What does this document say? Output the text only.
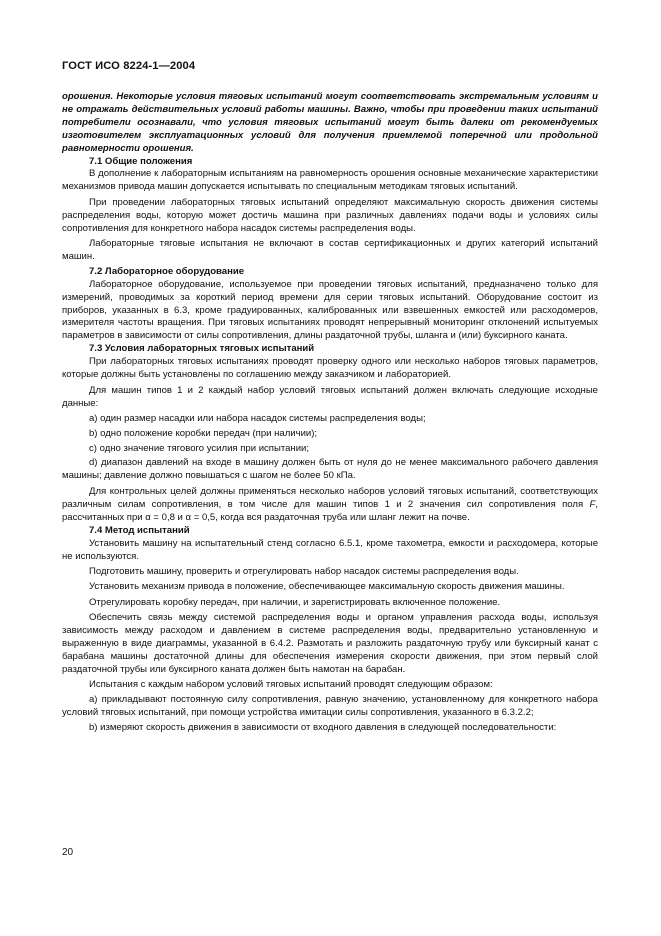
ГОСТ ИСО 8224-1—2004

орошения. Некоторые условия тяговых испытаний могут соответствовать экстремальным условиям и не отражать действительных условий работы машины. Важно, чтобы при проведении таких испытаний потребители осознавали, что условия тяговых испытаний могут быть далеки от рекомендуемых изготовителем эксплуатационных условий для получения приемлемой поперечной или продольной равномерности орошения.

7.1 Общие положения

В дополнение к лабораторным испытаниям на равномерность орошения основные механические характеристики механизмов привода машин допускается испытывать по специальным методикам тяговых испытаний.

При проведении лабораторных тяговых испытаний определяют максимальную скорость движения системы распределения воды, которую может достичь машина при различных давлениях подачи воды и условиях силы сопротивления для конкретного набора насадок системы распределения воды.

Лабораторные тяговые испытания не включают в состав сертификационных и других категорий испытаний машин.

7.2 Лабораторное оборудование

Лабораторное оборудование, используемое при проведении тяговых испытаний, предназначено только для измерений, проводимых за короткий период времени для серии тяговых испытаний. Оборудование состоит из приборов, указанных в 6.3, кроме градуированных, калиброванных или взвешенных емкостей или расходомеров, измерителя частоты вращения. При тяговых испытаниях проводят непрерывный мониторинг отклонений испытуемых параметров в зависимости от силы сопротивления, длины раздаточной трубы, шланга и (или) буксирного каната.

7.3 Условия лабораторных тяговых испытаний

При лабораторных тяговых испытаниях проводят проверку одного или несколько наборов тяговых параметров, которые должны быть установлены по соглашению между заказчиком и лабораторией.

Для машин типов 1 и 2 каждый набор условий тяговых испытаний должен включать следующие исходные данные:

a) один размер насадки или набора насадок системы распределения воды;

b) одно положение коробки передач (при наличии);

c) одно значение тягового усилия при испытании;

d) диапазон давлений на входе в машину должен быть от нуля до не менее максимального рабочего давления машины; давление должно повышаться с шагом не более 50 кПа.

Для контрольных целей должны применяться несколько наборов условий тяговых испытаний, соответствующих различным силам сопротивления, в том числе для машин типов 1 и 2 значения сил сопротивления поля F, рассчитанных при α = 0,8 и α = 0,5, когда вся раздаточная труба или шланг лежит на почве.

7.4 Метод испытаний

Установить машину на испытательный стенд согласно 6.5.1, кроме тахометра, емкости и расходомера, которые не используются.

Подготовить машину, проверить и отрегулировать набор насадок системы распределения воды.

Установить механизм привода в положение, обеспечивающее максимальную скорость движения машины.

Отрегулировать коробку передач, при наличии, и зарегистрировать включенное положение.

Обеспечить связь между системой распределения воды и органом управления расхода воды, используя зависимость между расходом и давлением в системе распределения воды, предварительно установленную и выраженную в виде диаграммы, указанной в 6.4.2. Размотать и разложить раздаточную трубу или буксирный канат с барабана машины достаточной длины для обеспечения измерения скорости движения, при этом первый слой раздаточной трубы или буксирного каната должен быть намотан на барабан.

Испытания с каждым набором условий тяговых испытаний проводят следующим образом:

a) прикладывают постоянную силу сопротивления, равную значению, установленному для конкретного набора условий тяговых испытаний, при помощи устройства имитации силы сопротивления, указанного в 6.3.2.2;

b) измеряют скорость движения в зависимости от входного давления в следующей последовательности:

20
